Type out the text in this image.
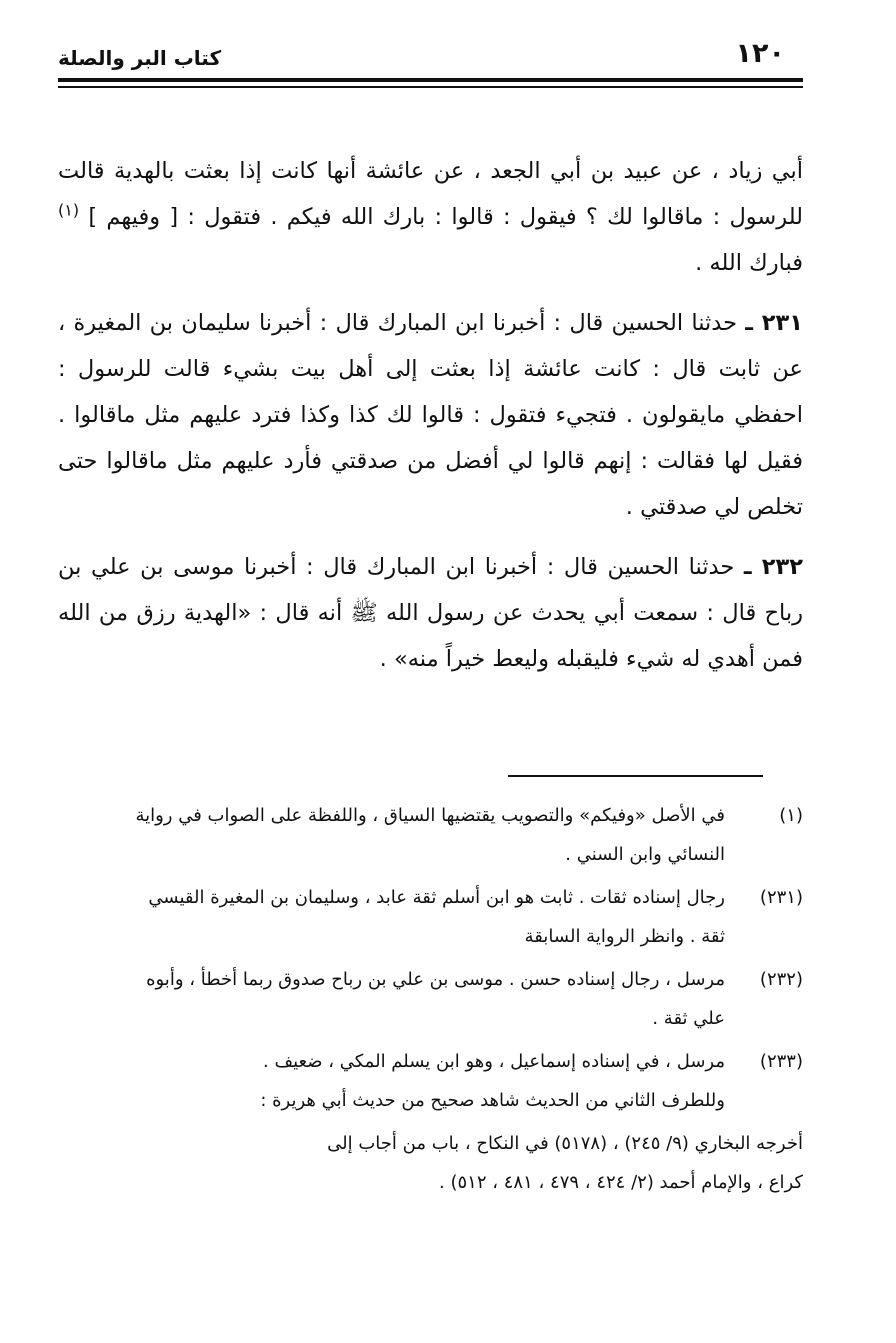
١٢٠
كتاب البر والصلة

أبي زياد ، عن عبيد بن أبي الجعد ، عن عائشة أنها كانت إذا بعثت بالهدية قالت للرسول : ماقالوا لك ؟ فيقول : قالوا : بارك الله فيكم . فتقول : [ وفيهم ] $^{(١)}$ فبارك الله .

٢٣١ ـ حدثنا الحسين قال : أخبرنا ابن المبارك قال : أخبرنا سليمان بن المغيرة ، عن ثابت قال : كانت عائشة إذا بعثت إلى أهل بيت بشيء قالت للرسول : احفظي مايقولون . فتجيء فتقول : قالوا لك كذا وكذا فترد عليهم مثل ماقالوا . فقيل لها فقالت : إنهم قالوا لي أفضل من صدقتي فأرد عليهم مثل ماقالوا حتى تخلص لي صدقتي .

٢٣٢ ـ حدثنا الحسين قال : أخبرنا ابن المبارك قال : أخبرنا موسى بن علي بن رباح قال : سمعت أبي يحدث عن رسول الله ﷺ أنه قال : «الهدية رزق من الله فمن أهدي له شيء فليقبله وليعط خيراً منه» .

(١)
في الأصل «وفيكم» والتصويب يقتضيها السياق ، واللفظة على الصواب في رواية
النسائي وابن السني .
(٢٣١)
رجال إسناده ثقات . ثابت هو ابن أسلم ثقة عابد ، وسليمان بن المغيرة القيسي
ثقة . وانظر الرواية السابقة
(٢٣٢)
مرسل ، رجال إسناده حسن . موسى بن علي بن رباح صدوق ربما أخطأ ، وأبوه
علي ثقة .
(٢٣٣)
مرسل ، في إسناده إسماعيل ، وهو ابن يسلم المكي ، ضعيف .
وللطرف الثاني من الحديث شاهد صحيح من حديث أبي هريرة :
أخرجه البخاري (٩/ ٢٤٥) ، (٥١٧٨) في النكاح ، باب من أجاب إلى
كراع ، والإمام أحمد (٢/ ٤٢٤ ، ٤٧٩ ، ٤٨١ ، ٥١٢) .
